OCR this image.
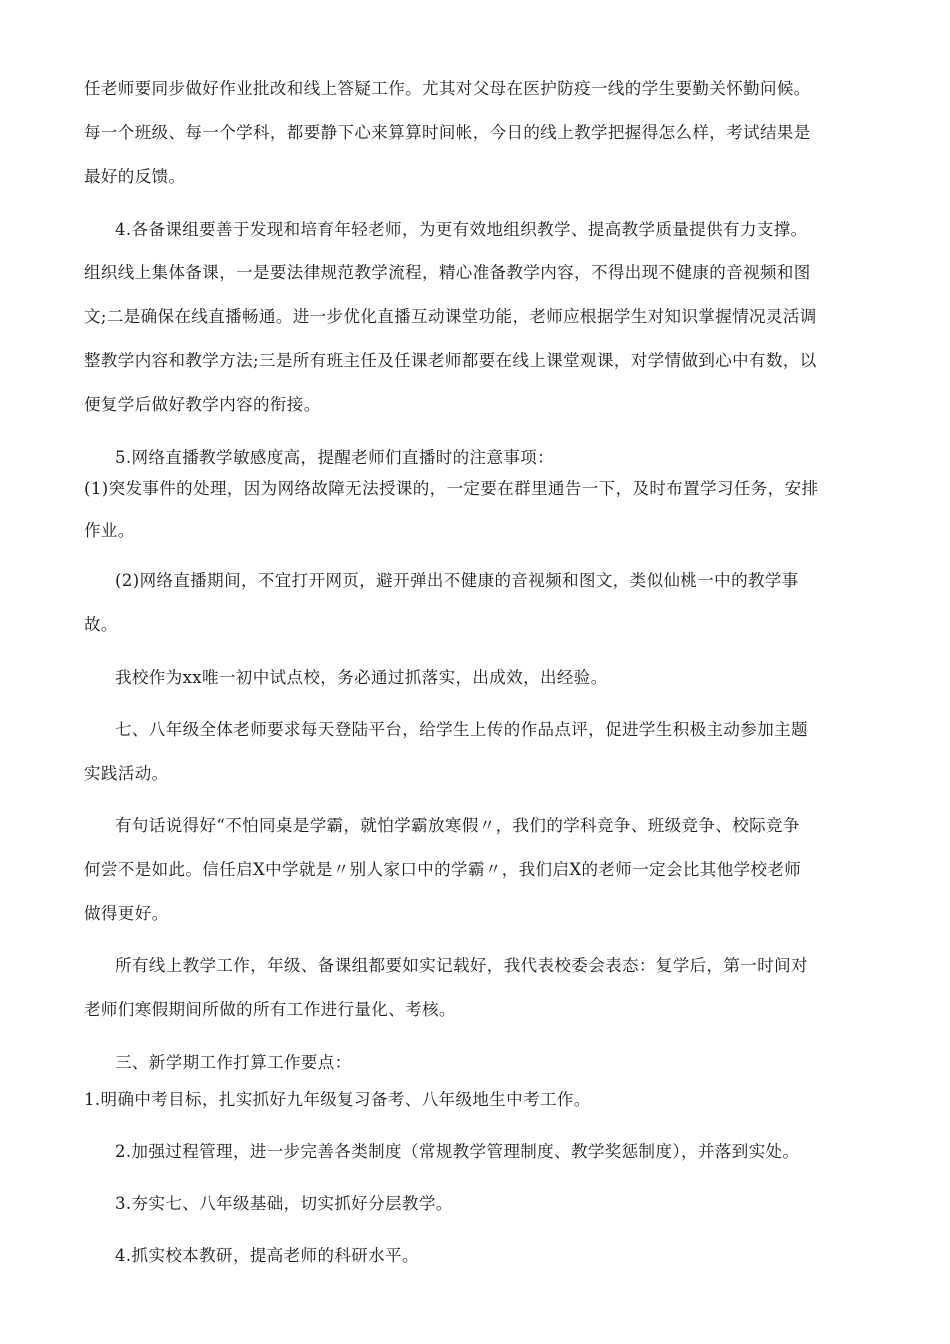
任老师要同步做好作业批改和线上答疑工作。尤其对父母在医护防疫一线的学生要勤关怀勤问候。
每一个班级、每一个学科，都要静下心来算算时间帐，今日的线上教学把握得怎么样，考试结果是
最好的反馈。
4.各备课组要善于发现和培育年轻老师，为更有效地组织教学、提高教学质量提供有力支撑。
组织线上集体备课，一是要法律规范教学流程，精心准备教学内容，不得出现不健康的音视频和图
文;二是确保在线直播畅通。进一步优化直播互动课堂功能，老师应根据学生对知识掌握情况灵活调
整教学内容和教学方法;三是所有班主任及任课老师都要在线上课堂观课，对学情做到心中有数，以
便复学后做好教学内容的衔接。
5.网络直播教学敏感度高，提醒老师们直播时的注意事项：
(1)突发事件的处理，因为网络故障无法授课的，一定要在群里通告一下，及时布置学习任务，安排
作业。
(2)网络直播期间，不宜打开网页，避开弹出不健康的音视频和图文，类似仙桃一中的教学事
故。
我校作为xx唯一初中试点校，务必通过抓落实，出成效，出经验。
七、八年级全体老师要求每天登陆平台，给学生上传的作品点评，促进学生积极主动参加主题
实践活动。
有句话说得好“不怕同桌是学霸，就怕学霸放寒假〃，我们的学科竞争、班级竞争、校际竞争
何尝不是如此。信任启X中学就是〃别人家口中的学霸〃，我们启X的老师一定会比其他学校老师
做得更好。
所有线上教学工作，年级、备课组都要如实记载好，我代表校委会表态：复学后，第一时间对
老师们寒假期间所做的所有工作进行量化、考核。
三、新学期工作打算工作要点：
1.明确中考目标，扎实抓好九年级复习备考、八年级地生中考工作。
2.加强过程管理，进一步完善各类制度（常规教学管理制度、教学奖惩制度），并落到实处。
3.夯实七、八年级基础，切实抓好分层教学。
4.抓实校本教研，提高老师的科研水平。
